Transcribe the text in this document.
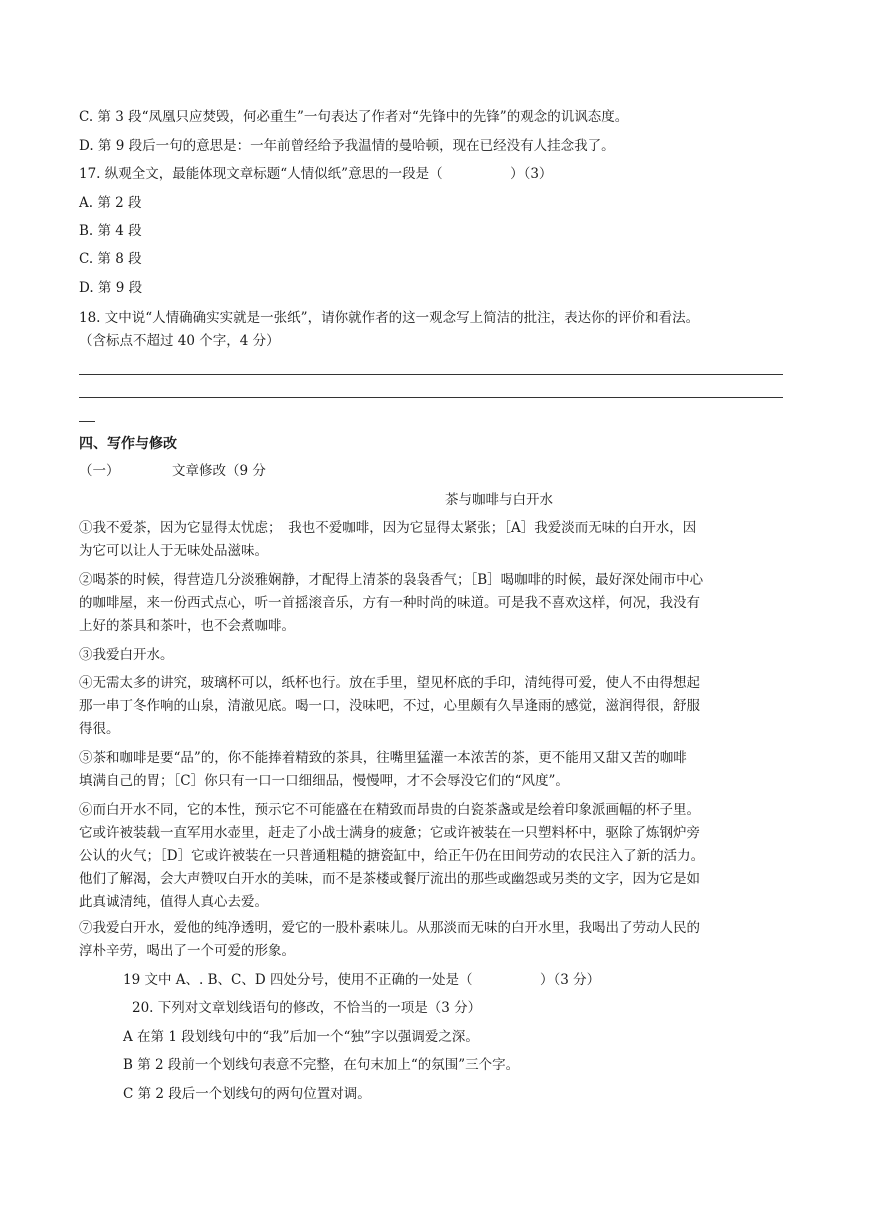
C. 第 3 段“凤凰只应焚毁，何必重生”一句表达了作者对“先锋中的先锋”的观念的讥讽态度。
D. 第 9 段后一句的意思是：一年前曾经给予我温情的曼哈顿，现在已经没有人挂念我了。
17. 纵观全文，最能体现文章标题“人情似纸”意思的一段是（　　　　　）（3）
A. 第 2 段
B. 第 4 段
C. 第 8 段
D. 第 9 段
18. 文中说“人情确确实实就是一张纸”，请你就作者的这一观念写上简洁的批注，表达你的评价和看法。
（含标点不超过 40 个字，4 分）
四、写作与修改
（一）	文章修改（9 分
茶与咖啡与白开水
①我不爱茶，因为它显得太忧虑；　我也不爱咖啡，因为它显得太紧张；［A］我爱淡而无味的白开水，因
为它可以让人于无味处品滋味。
②喝茶的时候，得营造几分淡雅娴静，才配得上清茶的袅袅香气；［B］喝咖啡的时候，最好深处闹市中心
的咖啡屋，来一份西式点心，听一首摇滚音乐，方有一种时尚的味道。可是我不喜欢这样，何况，我没有
上好的茶具和茶叶，也不会煮咖啡。
③我爱白开水。
④无需太多的讲究，玻璃杯可以，纸杯也行。放在手里，望见杯底的手印，清纯得可爱，使人不由得想起
那一串丁冬作响的山泉，清澈见底。喝一口，没味吧，不过，心里颇有久旱逢雨的感觉，滋润得很，舒服
得很。
⑤茶和咖啡是要“品”的，你不能捧着精致的茶具，往嘴里猛灌一本浓苦的茶，更不能用又甜又苦的咖啡
填满自己的胃；［C］你只有一口一口细细品，慢慢呷，才不会辱没它们的“风度”。
⑥而白开水不同，它的本性，预示它不可能盛在在精致而昂贵的白瓷茶盏或是绘着印象派画幅的杯子里。
它或许被装载一直军用水壶里，赶走了小战士满身的疲惫；它或许被装在一只塑料杯中，驱除了炼钢炉旁
公认的火气；［D］它或许被装在一只普通粗糙的搪瓷缸中，给正午仍在田间劳动的农民注入了新的活力。
他们了解渴，会大声赞叹白开水的美味，而不是茶楼或餐厅流出的那些或幽怨或另类的文字，因为它是如
此真诚清纯，值得人真心去爱。
⑦我爱白开水，爱他的纯净透明，爱它的一股朴素味儿。从那淡而无味的白开水里，我喝出了劳动人民的
淳朴辛劳，喝出了一个可爱的形象。
19 文中 A、. B、C、D 四处分号，使用不正确的一处是（　　　　　）（3 分）
20. 下列对文章划线语句的修改，不恰当的一项是（3 分）
A 在第 1 段划线句中的“我”后加一个“独”字以强调爱之深。
B 第 2 段前一个划线句表意不完整，在句末加上“的氛围”三个字。
C 第 2 段后一个划线句的两句位置对调。
